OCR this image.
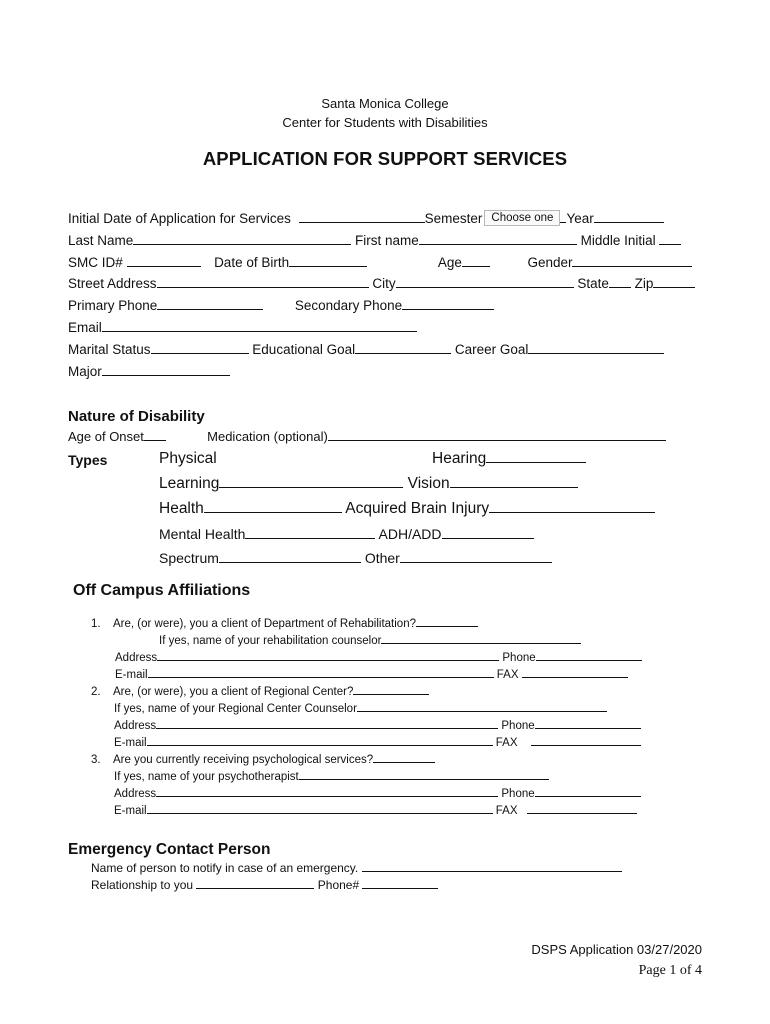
Santa Monica College
Center for Students with Disabilities
APPLICATION FOR SUPPORT SERVICES
Initial Date of Application for Services	Semester Choose one Year
Last Name	First name	Middle Initial
SMC ID#	Date of Birth	Age	Gender
Street Address	City	State Zip
Primary Phone	Secondary Phone
Email
Marital Status	Educational Goal	Career Goal
Major
Nature of Disability
Age of Onset	Medication (optional)
Types	Physical	Hearing
Learning	Vision
Health	Acquired Brain Injury
Mental Health	ADH/ADD
Spectrum	Other
Off Campus Affiliations
1. Are, (or were), you a client of Department of Rehabilitation?
If yes, name of your rehabilitation counselor
Address	Phone
E-mail	FAX
2. Are, (or were), you a client of Regional Center?
If yes, name of your Regional Center Counselor
Address	Phone
E-mail	FAX
3. Are you currently receiving psychological services?
If yes, name of your psychotherapist
Address	Phone
E-mail	FAX
Emergency Contact Person
Name of person to notify in case of an emergency.
Relationship to you	Phone#
DSPS Application 03/27/2020
Page 1 of 4
